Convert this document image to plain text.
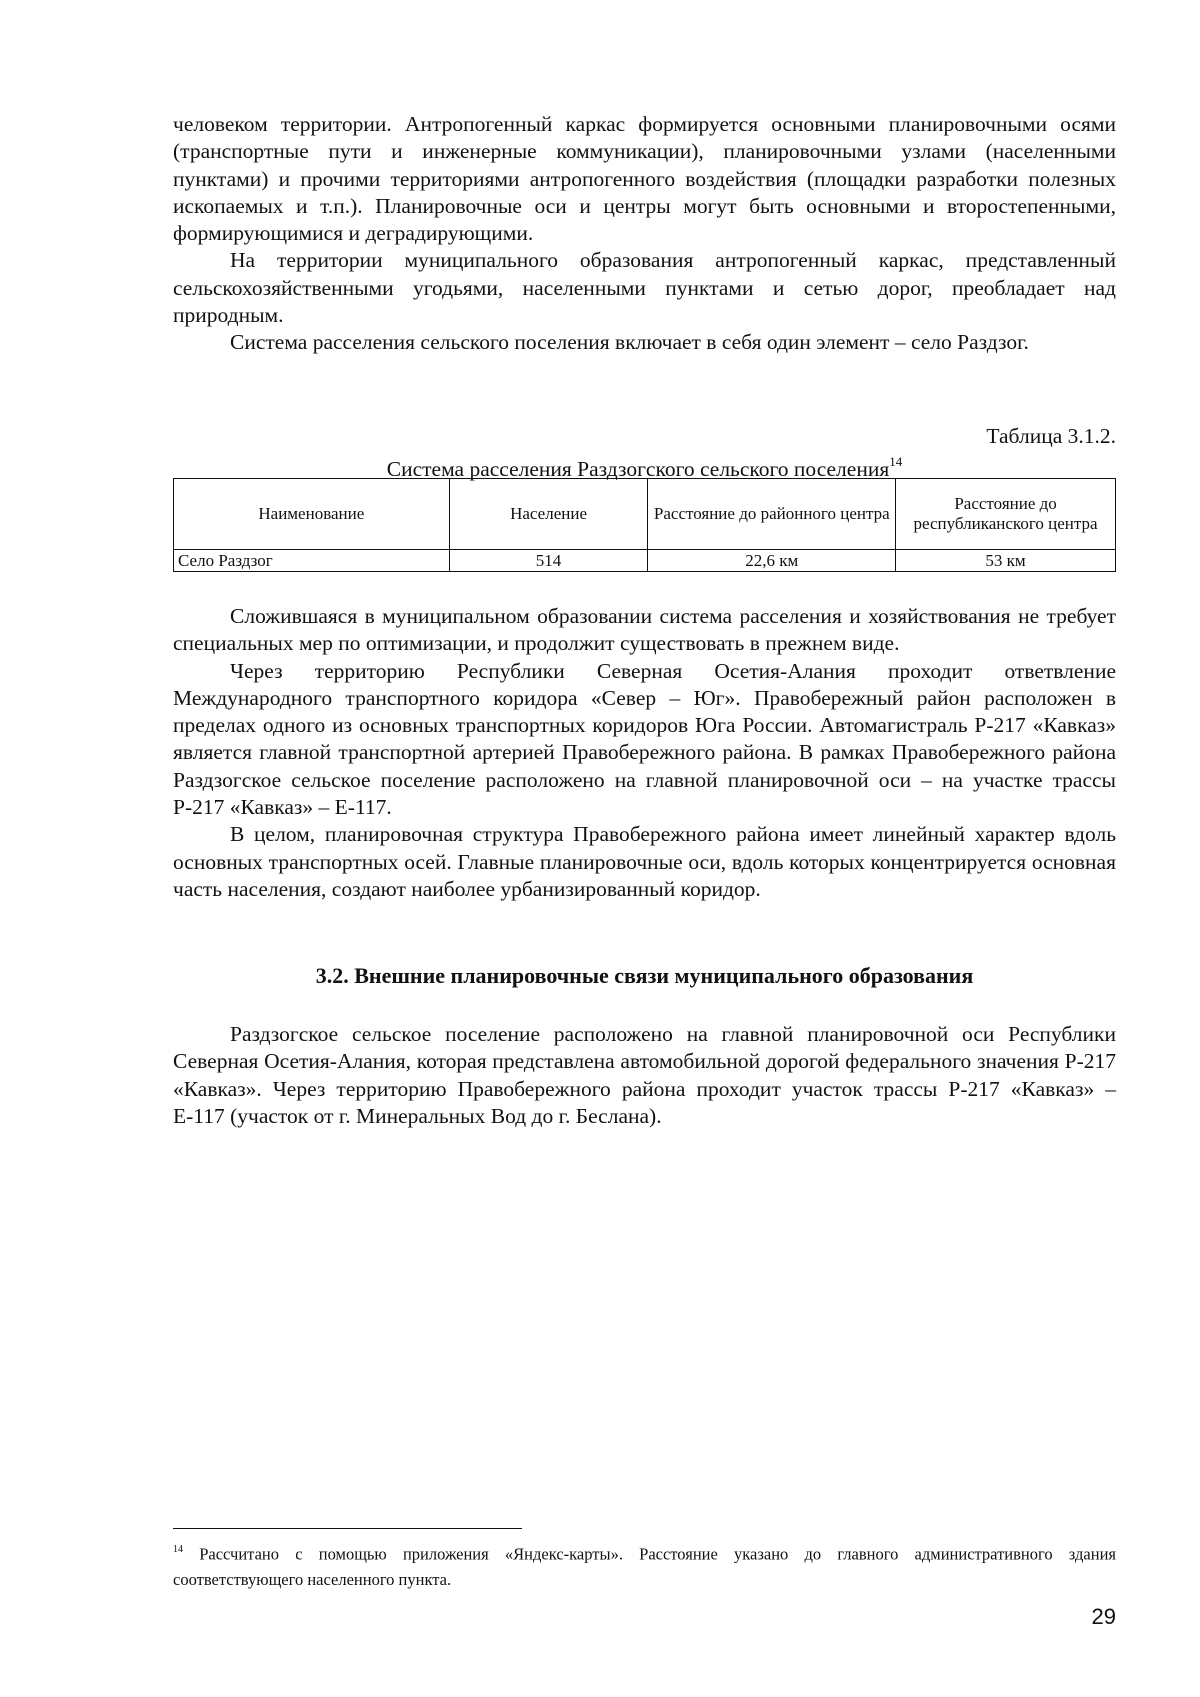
человеком территории. Антропогенный каркас формируется основными планировочными осями (транспортные пути и инженерные коммуникации), планировочными узлами (населенными пунктами) и прочими территориями антропогенного воздействия (площадки разработки полезных ископаемых и т.п.). Планировочные оси и центры могут быть основными и второстепенными, формирующимися и деградирующими.

На территории муниципального образования антропогенный каркас, представленный сельскохозяйственными угодьями, населенными пунктами и сетью дорог, преобладает над природным.

Система расселения сельского поселения включает в себя один элемент – село Раздзог.

Таблица 3.1.2.
Система расселения Раздзогского сельского поселения$^{14}$
Наименование	Население	Расстояние до районного центра	Расстояние до республиканского центра
Село Раздзог	514	22,6 км	53 км

Сложившаяся в муниципальном образовании система расселения и хозяйствования не требует специальных мер по оптимизации, и продолжит существовать в прежнем виде.

Через территорию Республики Северная Осетия-Алания проходит ответвление Международного транспортного коридора «Север – Юг». Правобережный район расположен в пределах одного из основных транспортных коридоров Юга России. Автомагистраль Р-217 «Кавказ» является главной транспортной артерией Правобережного района. В рамках Правобережного района Раздзогское сельское поселение расположено на главной планировочной оси – на участке трассы Р-217 «Кавказ» – Е-117.

В целом, планировочная структура Правобережного района имеет линейный характер вдоль основных транспортных осей. Главные планировочные оси, вдоль которых концентрируется основная часть населения, создают наиболее урбанизированный коридор.

3.2. Внешние планировочные связи муниципального образования

Раздзогское сельское поселение расположено на главной планировочной оси Республики Северная Осетия-Алания, которая представлена автомобильной дорогой федерального значения Р-217 «Кавказ». Через территорию Правобережного района проходит участок трассы Р-217 «Кавказ» – Е-117 (участок от г. Минеральных Вод до г. Беслана).

$^{14}$ Рассчитано с помощью приложения «Яндекс-карты». Расстояние указано до главного административного здания соответствующего населенного пункта.
29
